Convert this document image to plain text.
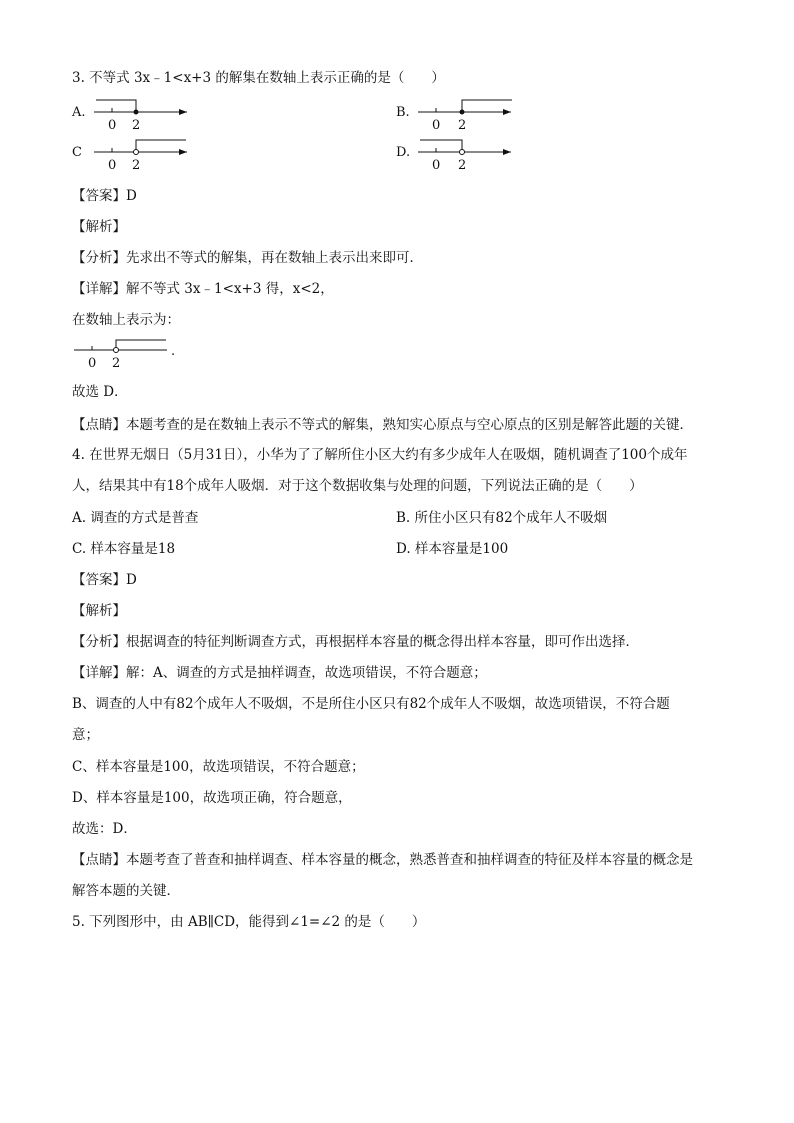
3. 不等式 3x﹣1<x+3 的解集在数轴上表示正确的是（　　）
A.
0 2
B.
0 2
C
0 2
D.
0 2
【答案】D
【解析】
【分析】先求出不等式的解集，再在数轴上表示出来即可．
【详解】解不等式 3x﹣1<x+3 得，x<2，
在数轴上表示为：
0 2
.
故选 D．
【点睛】本题考查的是在数轴上表示不等式的解集，熟知实心原点与空心原点的区别是解答此题的关键．
4. 在世界无烟日（5月31日），小华为了了解所住小区大约有多少成年人在吸烟，随机调查了100个成年
人，结果其中有18个成年人吸烟．对于这个数据收集与处理的问题，下列说法正确的是（　　）
A. 调查的方式是普查	B. 所住小区只有82个成年人不吸烟
C. 样本容量是18	D. 样本容量是100
【答案】D
【解析】
【分析】根据调查的特征判断调查方式，再根据样本容量的概念得出样本容量，即可作出选择．
【详解】解：A、调查的方式是抽样调查，故选项错误，不符合题意；
B、调查的人中有82个成年人不吸烟，不是所住小区只有82个成年人不吸烟，故选项错误，不符合题
意；
C、样本容量是100，故选项错误，不符合题意；
D、样本容量是100，故选项正确，符合题意，
故选：D．
【点睛】本题考查了普查和抽样调查、样本容量的概念，熟悉普查和抽样调查的特征及样本容量的概念是
解答本题的关键．
5. 下列图形中，由 AB∥CD，能得到∠1=∠2 的是（　　）
